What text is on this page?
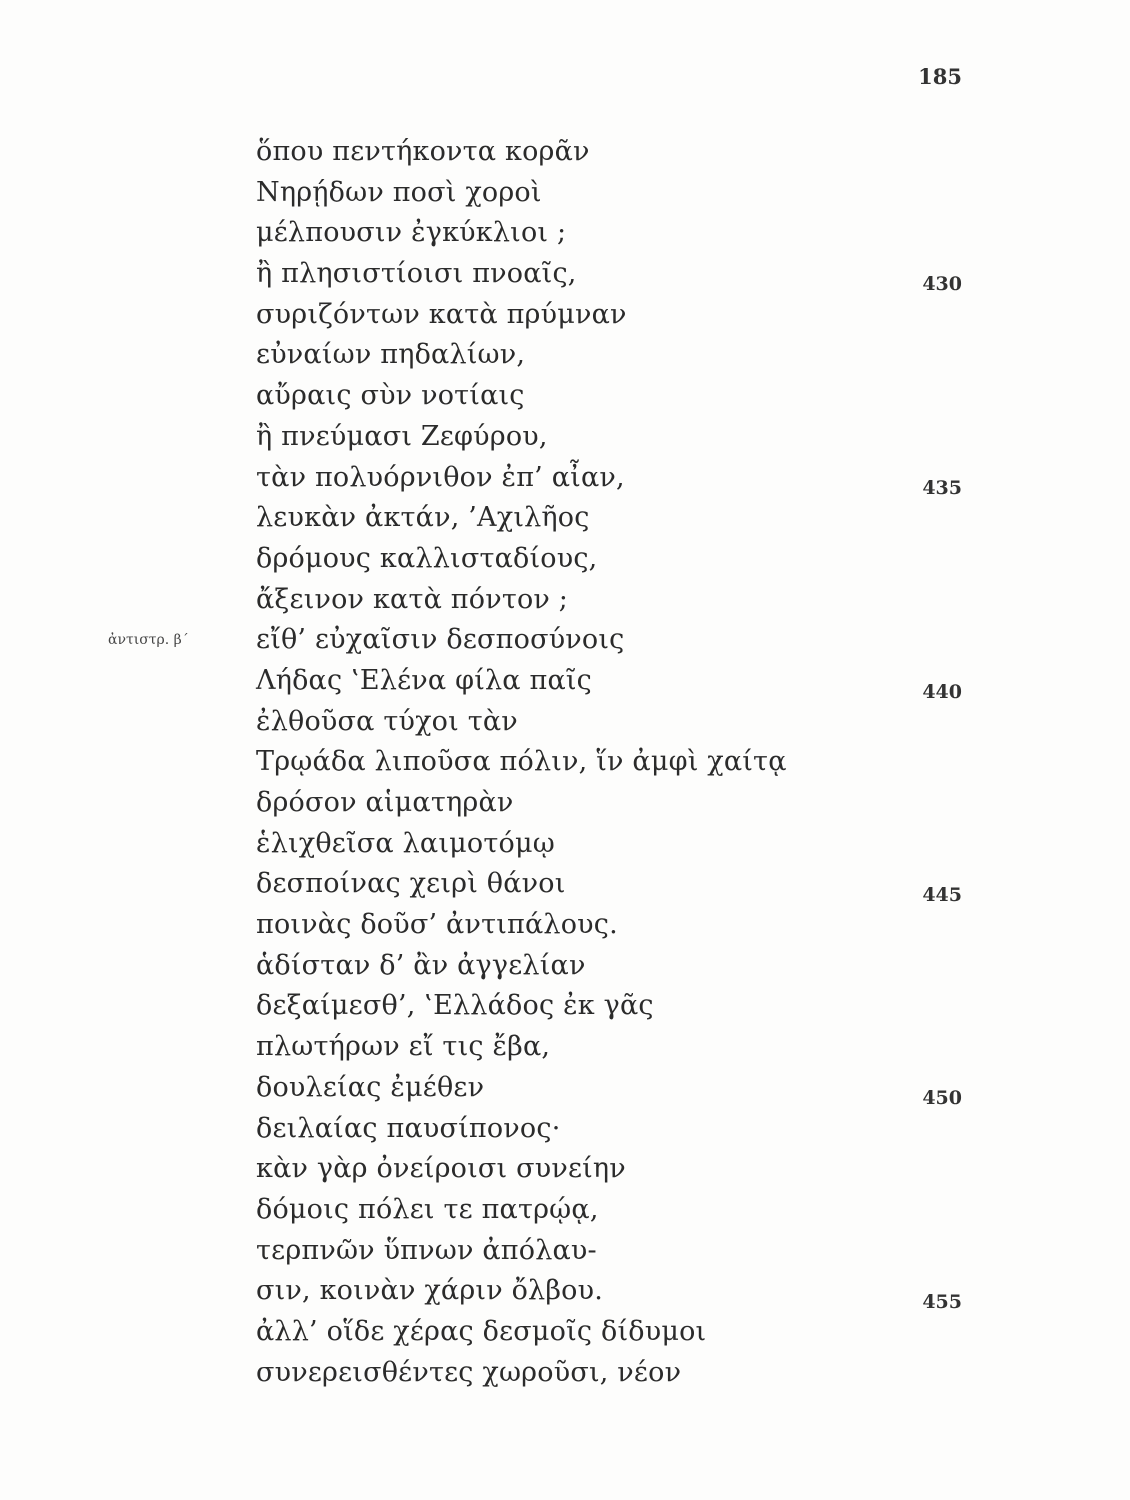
185
ἀντιστρ. β΄
ὅπου πεντήκοντα κορᾶν
Νηρῄδων ποσὶ χοροὶ
μέλπουσιν ἐγκύκλιοι ;
ἢ πλησιστίοισι πνοαῖς,
συριζόντων κατὰ πρύμναν
εὐναίων πηδαλίων,
αὔραις σὺν νοτίαις
ἢ πνεύμασι Ζεφύρου,
τὰν πολυόρνιθον ἐπ’ αἶαν,
λευκὰν ἀκτάν, ’Αχιλῆος
δρόμους καλλισταδίους,
ἄξεινον κατὰ πόντον ;
εἴθ’ εὐχαῖσιν δεσποσύνοις
Λήδας ‛Ελένα φίλα παῖς
ἐλθοῦσα τύχοι τὰν
Τρῳάδα λιποῦσα πόλιν, ἵν ἀμφὶ χαίτᾳ
δρόσον αἱματηρὰν
ἑλιχθεῖσα λαιμοτόμῳ
δεσποίνας χειρὶ θάνοι
ποινὰς δοῦσ’ ἀντιπάλους.
ἁδίσταν δ’ ἂν ἀγγελίαν
δεξαίμεσθ’, ‛Ελλάδος ἐκ γᾶς
πλωτήρων εἴ τις ἔβα,
δουλείας ἐμέθεν
δειλαίας παυσίπονος·
κὰν γὰρ ὀνείροισι συνείην
δόμοις πόλει τε πατρῴᾳ,
τερπνῶν ὕπνων ἀπόλαυ-
σιν, κοινὰν χάριν ὄλβου.
ἀλλ’ οἵδε χέρας δεσμοῖς δίδυμοι
συνερεισθέντες χωροῦσι, νέον
430
435
440
445
450
455
